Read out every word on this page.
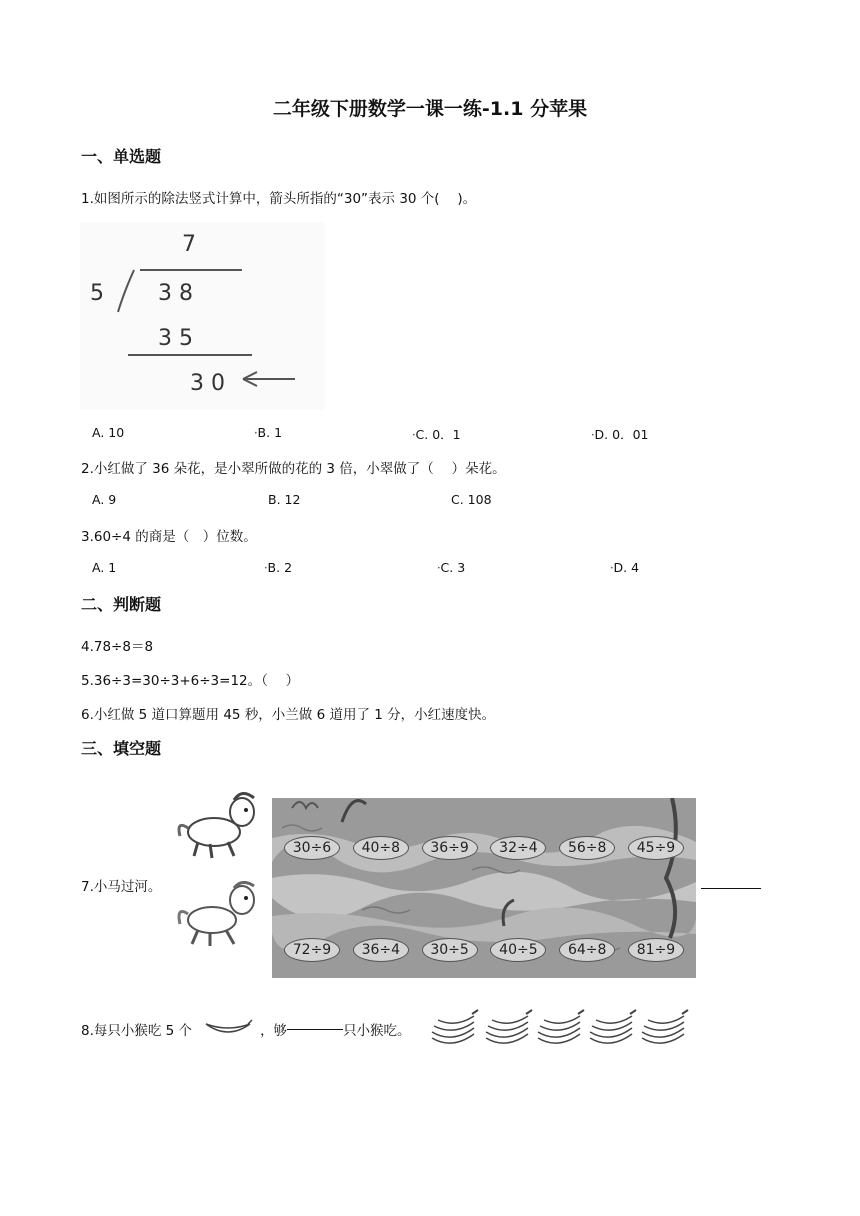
二年级下册数学一课一练-1.1 分苹果
一、单选题
1.如图所示的除法竖式计算中，箭头所指的“30”表示 30 个(　 )。
7
5 3 8
3 5
3 0
A. 10	•B. 1	•C. 0．1	•D. 0．01
2.小红做了 36 朵花，是小翠所做的花的 3 倍，小翠做了（　 ）朵花。
A. 9	B. 12	C. 108
3.60÷4 的商是（　）位数。
A. 1	•B. 2	•C. 3	•D. 4
二、判断题
4.78÷8＝8
5.36÷3=30÷3+6÷3=12。（　 ）
6.小红做 5 道口算题用 45 秒，小兰做 6 道用了 1 分，小红速度快。
三、填空题
7.小马过河。
30÷6 40÷8 36÷9 32÷4 56÷8 45÷9
72÷9 36÷4 30÷5 40÷5 64÷8 81÷9
8.每只小猴吃 5 个	，够	只小猴吃。
